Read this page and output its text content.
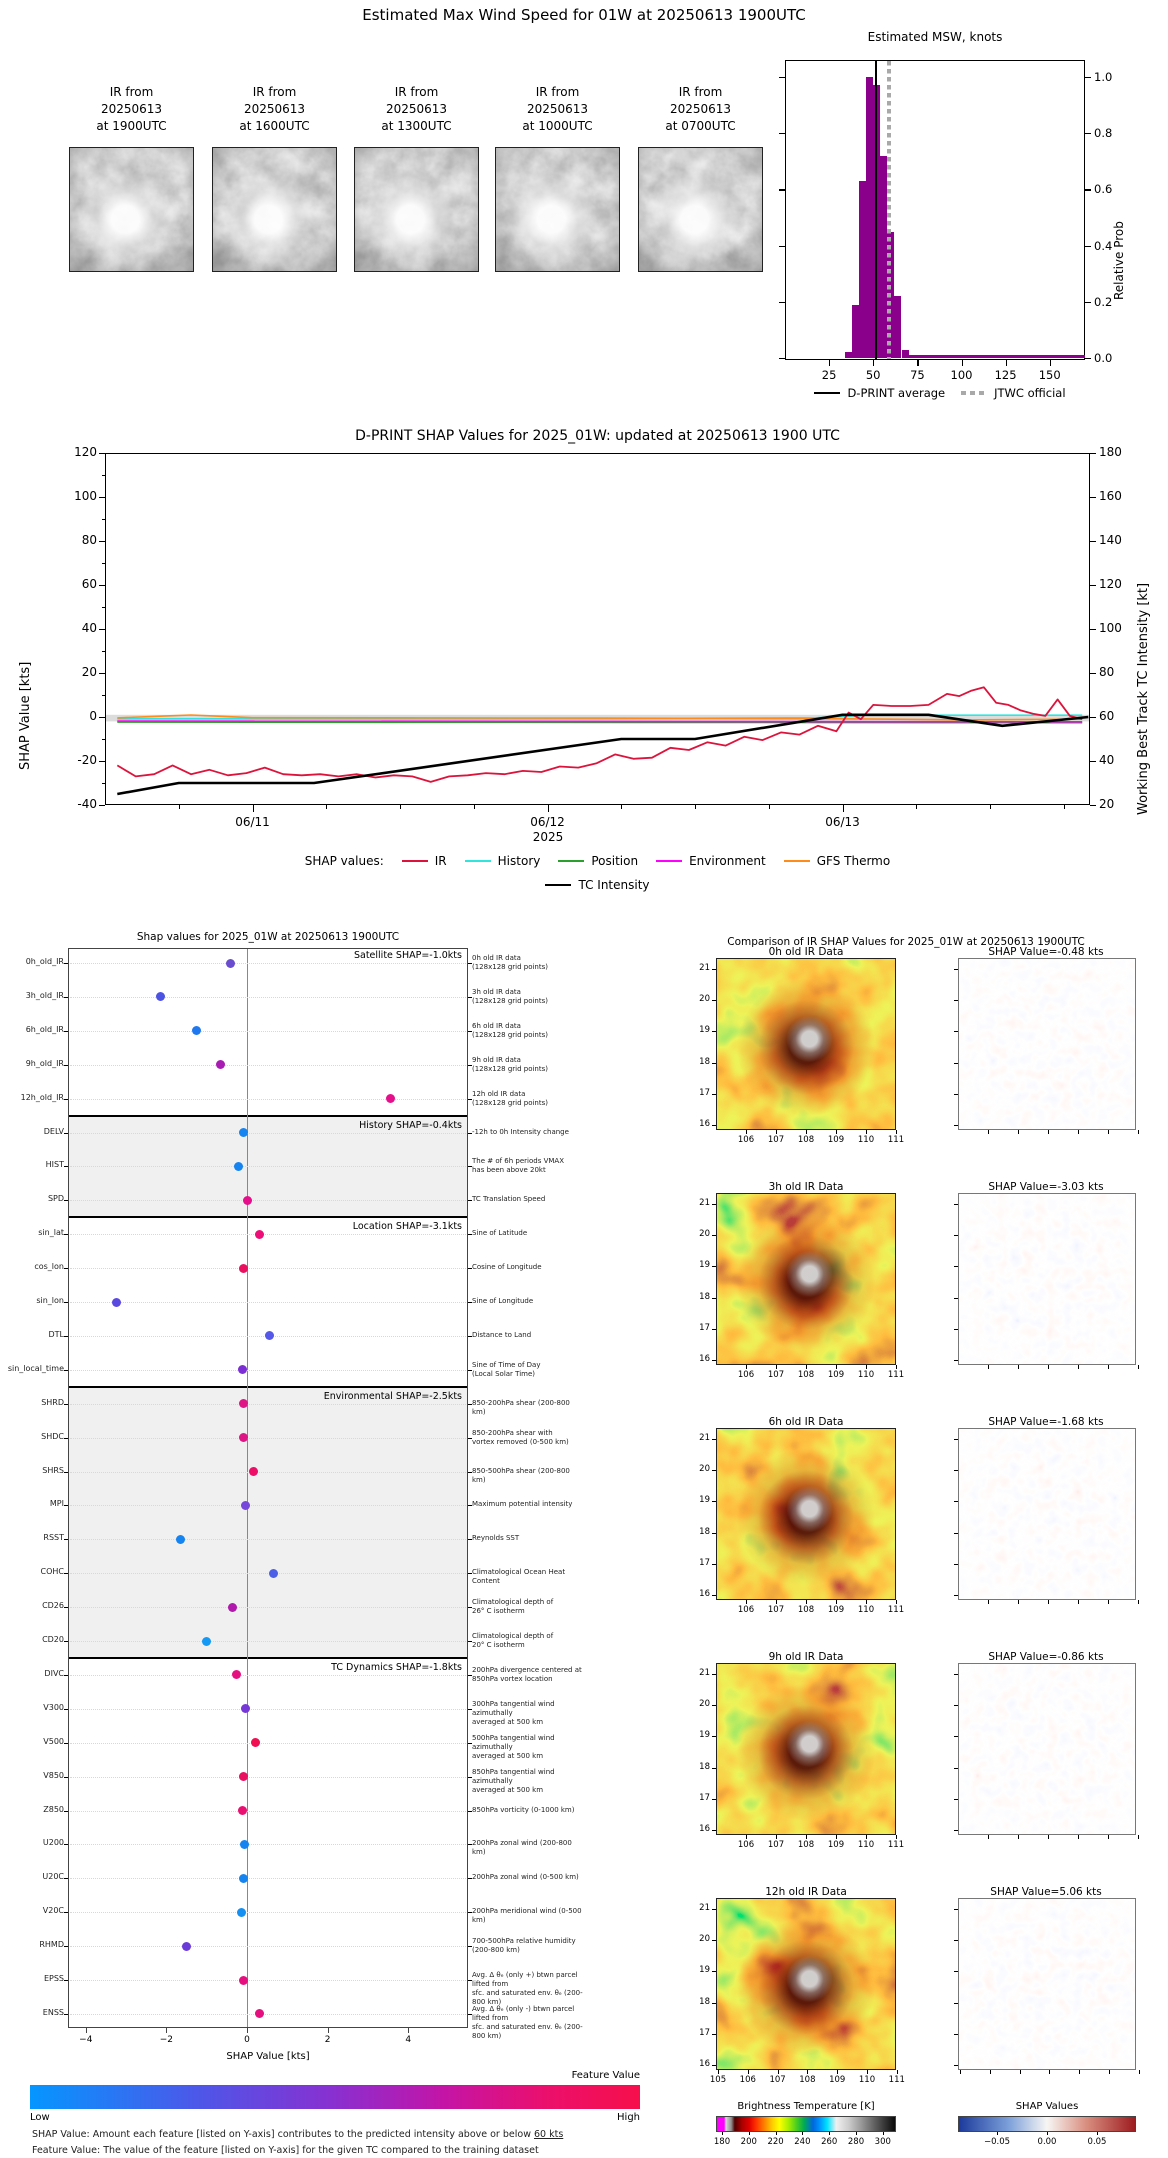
Estimated Max Wind Speed for 01W at 20250613 1900UTC
IR from
20250613
at 1900UTC
IR from
20250613
at 1600UTC
IR from
20250613
at 1300UTC
IR from
20250613
at 1000UTC
IR from
20250613
at 0700UTC
Estimated MSW, knots
25	50	75	100	125	150
0.0
0.2
0.4
0.6
0.8
1.0
Relative Prob
D-PRINT average	JTWC official
D-PRINT SHAP Values for 2025_01W: updated at 20250613 1900 UTC
-40
-20
0
20
40
60
80
100
120
20
40
60
80
100
120
140
160
180
06/11	06/12	06/13
SHAP Value [kts]	Working Best Track TC Intensity [kt]
2025
SHAP values:	IR	History	Position	Environment	GFS Thermo
TC Intensity
Shap values for 2025_01W at 20250613 1900UTC
0h_old_IR	0h old IR data
(128x128 grid points)
3h_old_IR	3h old IR data
(128x128 grid points)
6h_old_IR	6h old IR data
(128x128 grid points)
9h_old_IR	9h old IR data
(128x128 grid points)
12h_old_IR	12h old IR data
(128x128 grid points)
DELV	-12h to 0h Intensity change
HIST	The # of 6h periods VMAX
has been above 20kt
SPD	TC Translation Speed
sin_lat	Sine of Latitude
cos_lon	Cosine of Longitude
sin_lon	Sine of Longitude
DTL	Distance to Land
sin_local_time	Sine of Time of Day
(Local Solar Time)
SHRD	850-200hPa shear (200-800 km)
SHDC	850-200hPa shear with
vortex removed (0-500 km)
SHRS	850-500hPa shear (200-800 km)
MPI	Maximum potential intensity
RSST	Reynolds SST
COHC	Climatological Ocean Heat Content
CD26	Climatological depth of
26° C isotherm
CD20	Climatological depth of
20° C isotherm
DIVC	200hPa divergence centered at
850hPa vortex location
V300	300hPa tangential wind azimuthally
averaged at 500 km
V500	500hPa tangential wind azimuthally
averaged at 500 km
V850	850hPa tangential wind azimuthally
averaged at 500 km
Z850	850hPa vorticity (0-1000 km)
U200	200hPa zonal wind (200-800 km)
U20C	200hPa zonal wind (0-500 km)
V20C	200hPa meridional wind (0-500 km)
RHMD	700-500hPa relative humidity
(200-800 km)
EPSS	Avg. Δ θₑ (only +) btwn parcel lifted from
sfc. and saturated env. θₑ (200-800 km)
ENSS	Avg. Δ θₑ (only -) btwn parcel lifted from
sfc. and saturated env. θₑ (200-800 km)
Satellite SHAP=-1.0kts
History SHAP=-0.4kts
Location SHAP=-3.1kts
Environmental SHAP=-2.5kts
TC Dynamics SHAP=-1.8kts
−4	−2	0	2	4
SHAP Value [kts]
Feature Value
Low	High
SHAP Value: Amount each feature [listed on Y-axis] contributes to the predicted intensity above or below 60 kts
Feature Value: The value of the feature [listed on Y-axis] for the given TC compared to the training dataset
Comparison of IR SHAP Values for 2025_01W at 20250613 1900UTC
0h old IR Data	SHAP Value=-0.48 kts
21
20
19
18
17
16
106	107	108	109	110	111
3h old IR Data	SHAP Value=-3.03 kts
21
20
19
18
17
16
106	107	108	109	110	111
6h old IR Data	SHAP Value=-1.68 kts
21
20
19
18
17
16
106	107	108	109	110	111
9h old IR Data	SHAP Value=-0.86 kts
21
20
19
18
17
16
106	107	108	109	110	111
12h old IR Data	SHAP Value=5.06 kts
21
20
19
18
17
16
105	106	107	108	109	110	111
Brightness Temperature [K]
180	200	220	240	260	280	300
SHAP Values
−0.05	0.00	0.05
